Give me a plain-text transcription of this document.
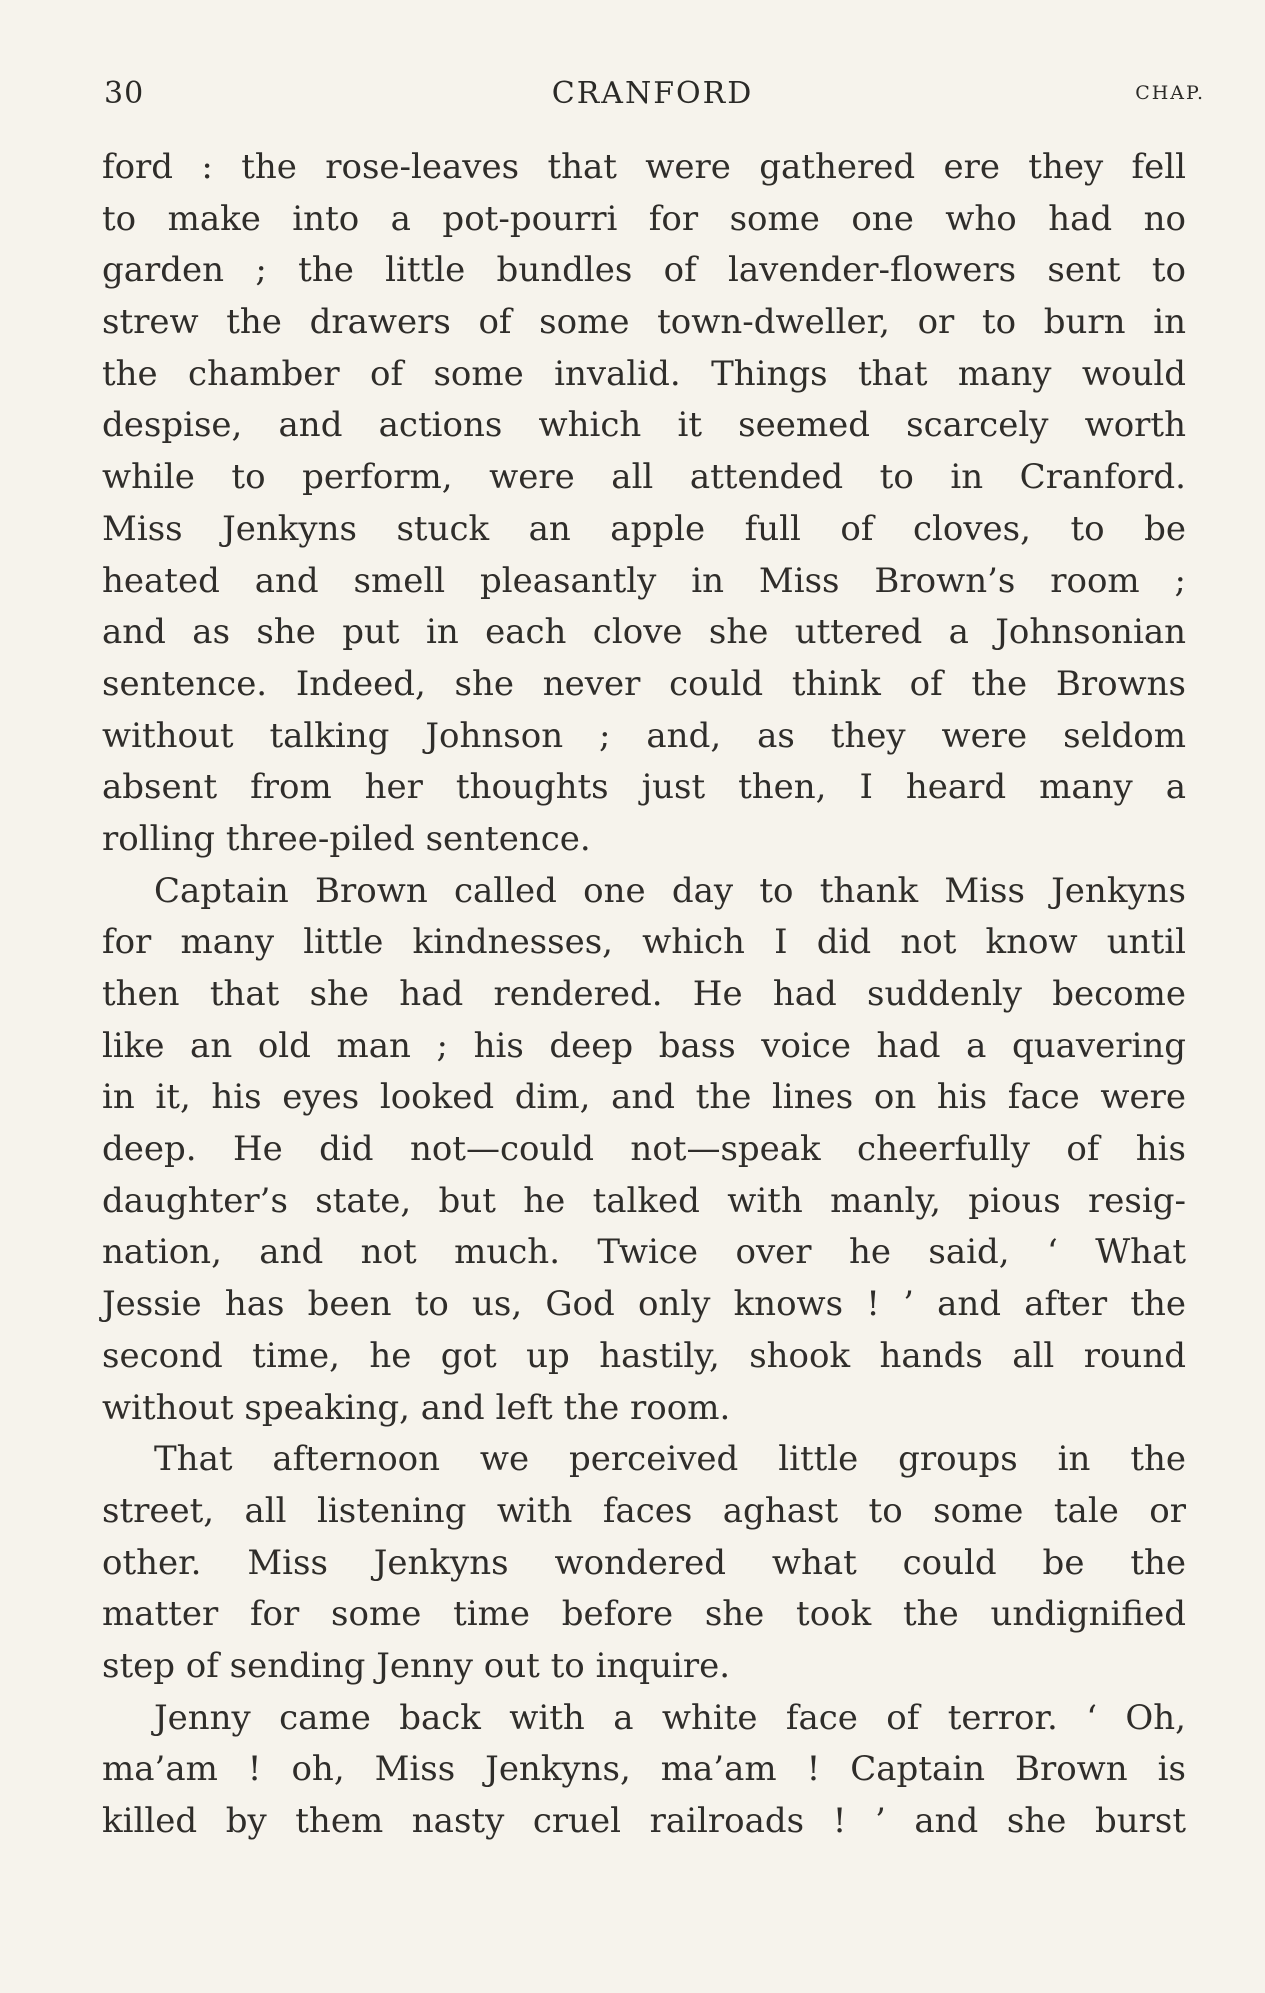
30	CRANFORD	CHAP.
ford : the rose-leaves that were gathered ere they fell
to make into a pot-pourri for some one who had no
garden ; the little bundles of lavender-flowers sent to
strew the drawers of some town-dweller, or to burn in
the chamber of some invalid. Things that many would
despise, and actions which it seemed scarcely worth
while to perform, were all attended to in Cranford.
Miss Jenkyns stuck an apple full of cloves, to be
heated and smell pleasantly in Miss Brown’s room ;
and as she put in each clove she uttered a Johnsonian
sentence. Indeed, she never could think of the Browns
without talking Johnson ; and, as they were seldom
absent from her thoughts just then, I heard many a
rolling three-piled sentence.
Captain Brown called one day to thank Miss Jenkyns
for many little kindnesses, which I did not know until
then that she had rendered. He had suddenly become
like an old man ; his deep bass voice had a quavering
in it, his eyes looked dim, and the lines on his face were
deep. He did not—could not—speak cheerfully of his
daughter’s state, but he talked with manly, pious resig-
nation, and not much. Twice over he said, ‘ What
Jessie has been to us, God only knows ! ’ and after the
second time, he got up hastily, shook hands all round
without speaking, and left the room.
That afternoon we perceived little groups in the
street, all listening with faces aghast to some tale or
other. Miss Jenkyns wondered what could be the
matter for some time before she took the undignified
step of sending Jenny out to inquire.
Jenny came back with a white face of terror. ‘ Oh,
ma’am ! oh, Miss Jenkyns, ma’am ! Captain Brown is
killed by them nasty cruel railroads ! ’ and she burst
